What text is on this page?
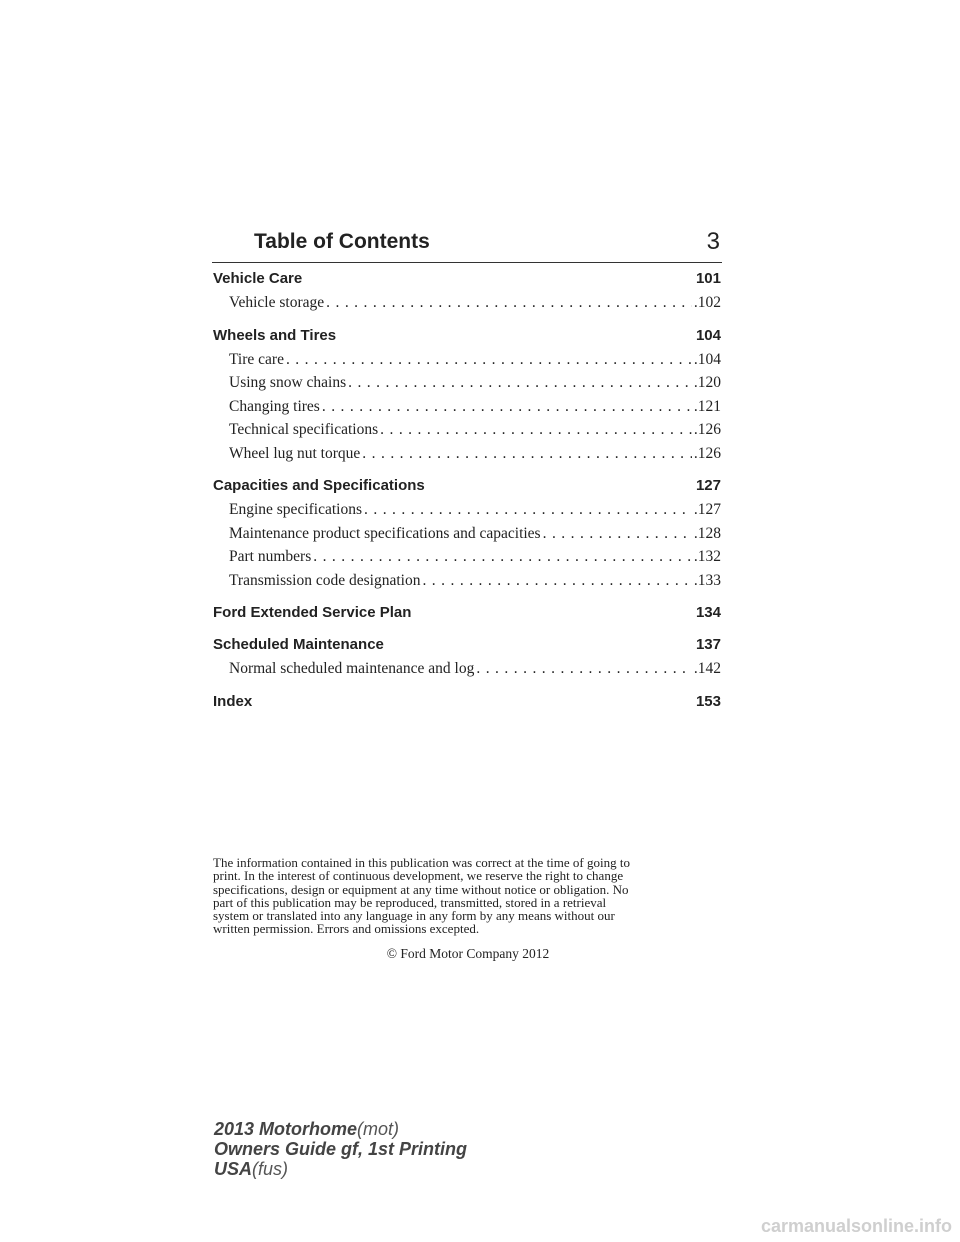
Table of Contents	3
Vehicle Care	101
Vehicle storage . . .	.102
Wheels and Tires	104
Tire care . . .	.104
Using snow chains . . .	.120
Changing tires . . .	.121
Technical specifications . . .	.126
Wheel lug nut torque . . .	.126
Capacities and Specifications	127
Engine specifications . . .	.127
Maintenance product specifications and capacities . . .	.128
Part numbers . . .	.132
Transmission code designation . . .	.133
Ford Extended Service Plan	134
Scheduled Maintenance	137
Normal scheduled maintenance and log . . .	.142
Index	153
The information contained in this publication was correct at the time of going to
print. In the interest of continuous development, we reserve the right to change
specifications, design or equipment at any time without notice or obligation. No
part of this publication may be reproduced, transmitted, stored in a retrieval
system or translated into any language in any form by any means without our
written permission. Errors and omissions excepted.
© Ford Motor Company 2012
2013 Motorhome(mot)
Owners Guide gf, 1st Printing
USA(fus)
carmanualsonline.info
